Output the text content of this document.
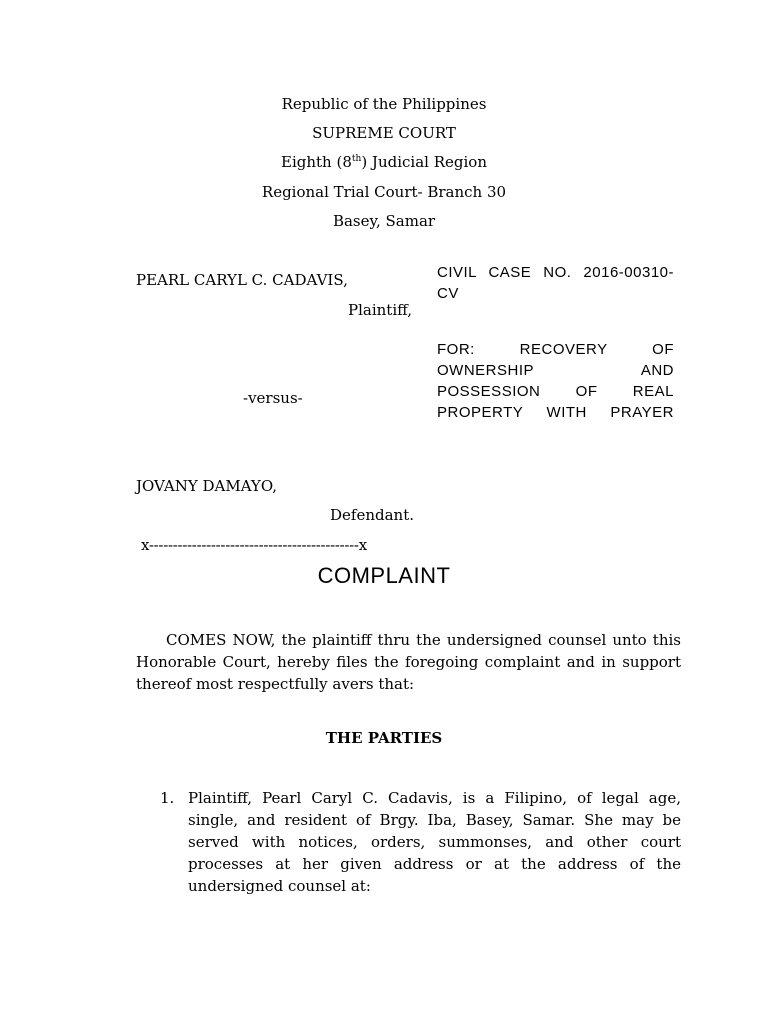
Republic of the Philippines
SUPREME COURT
Eighth (8th) Judicial Region
Regional Trial Court- Branch 30
Basey, Samar
PEARL CARYL C. CADAVIS,
Plaintiff,
-versus-
JOVANY DAMAYO,
Defendant.
x--------------------------------------------x
CIVIL CASE NO. 2016-00310-
CV
FOR: RECOVERY OF
OWNERSHIP AND
POSSESSION OF REAL
PROPERTY WITH PRAYER
COMPLAINT
COMES NOW, the plaintiff thru the undersigned counsel unto this Honorable Court, hereby files the foregoing complaint and in support thereof most respectfully avers that:
THE PARTIES
1. Plaintiff, Pearl Caryl C. Cadavis, is a Filipino, of legal age, single, and resident of Brgy. Iba, Basey, Samar. She may be served with notices, orders, summonses, and other court processes at her given address or at the address of the undersigned counsel at:
